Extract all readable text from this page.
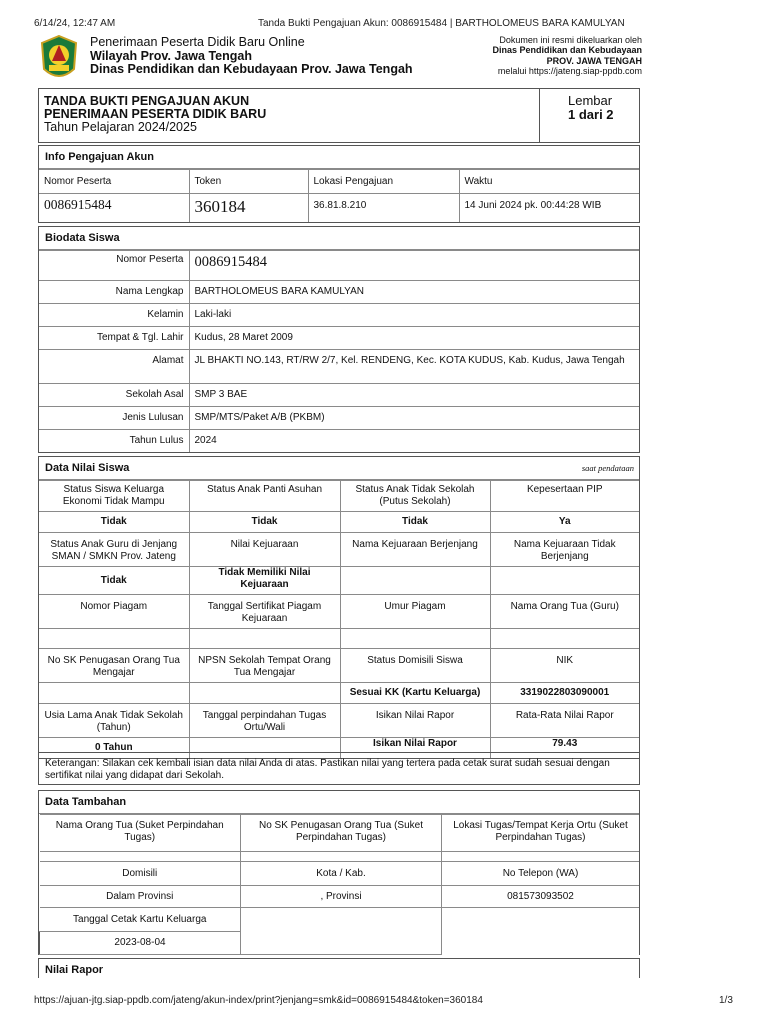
6/14/24, 12:47 AM	Tanda Bukti Pengajuan Akun: 0086915484 | BARTHOLOMEUS BARA KAMULYAN
Penerimaan Peserta Didik Baru Online
Wilayah Prov. Jawa Tengah
Dinas Pendidikan dan Kebudayaan Prov. Jawa Tengah
Dokumen ini resmi dikeluarkan oleh
Dinas Pendidikan dan Kebudayaan
PROV. JAWA TENGAH
melalui https://jateng.siap-ppdb.com
TANDA BUKTI PENGAJUAN AKUN
PENERIMAAN PESERTA DIDIK BARU
Tahun Pelajaran 2024/2025
Lembar
1 dari 2
Info Pengajuan Akun
Nomor Peserta	Token	Lokasi Pengajuan	Waktu
0086915484	360184	36.81.8.210	14 Juni 2024 pk. 00:44:28 WIB
Biodata Siswa
Nomor Peserta	0086915484
Nama Lengkap	BARTHOLOMEUS BARA KAMULYAN
Kelamin	Laki-laki
Tempat & Tgl. Lahir	Kudus, 28 Maret 2009
Alamat	JL BHAKTI NO.143, RT/RW 2/7, Kel. RENDENG, Kec. KOTA KUDUS, Kab. Kudus, Jawa Tengah
Sekolah Asal	SMP 3 BAE
Jenis Lulusan	SMP/MTS/Paket A/B (PKBM)
Tahun Lulus	2024
Data Nilai Siswa	saat pendataan
Status Siswa Keluarga Ekonomi Tidak Mampu	Status Anak Panti Asuhan	Status Anak Tidak Sekolah (Putus Sekolah)	Kepesertaan PIP
Tidak	Tidak	Tidak	Ya
Status Anak Guru di Jenjang SMAN / SMKN Prov. Jateng	Nilai Kejuaraan	Nama Kejuaraan Berjenjang	Nama Kejuaraan Tidak Berjenjang
Tidak	Tidak Memiliki Nilai Kejuaraan		
Nomor Piagam	Tanggal Sertifikat Piagam Kejuaraan	Umur Piagam	Nama Orang Tua (Guru)

No SK Penugasan Orang Tua Mengajar	NPSN Sekolah Tempat Orang Tua Mengajar	Status Domisili Siswa	NIK
		Sesuai KK (Kartu Keluarga)	3319022803090001
Usia Lama Anak Tidak Sekolah (Tahun)	Tanggal perpindahan Tugas Ortu/Wali	Isikan Nilai Rapor	Rata-Rata Nilai Rapor
0 Tahun		Isikan Nilai Rapor	79.43
Keterangan: Silakan cek kembali isian data nilai Anda di atas. Pastikan nilai yang tertera pada cetak surat sudah sesuai dengan sertifikat nilai yang didapat dari Sekolah.
Data Tambahan
Nama Orang Tua (Suket Perpindahan Tugas)	No SK Penugasan Orang Tua (Suket Perpindahan Tugas)	Lokasi Tugas/Tempat Kerja Ortu (Suket Perpindahan Tugas)

Domisili	Kota / Kab.	No Telepon (WA)
Dalam Provinsi	, Provinsi	081573093502
Tanggal Cetak Kartu Keluarga		
2023-08-04		
Nilai Rapor
https://ajuan-jtg.siap-ppdb.com/jateng/akun-index/print?jenjang=smk&id=0086915484&token=360184	1/3
